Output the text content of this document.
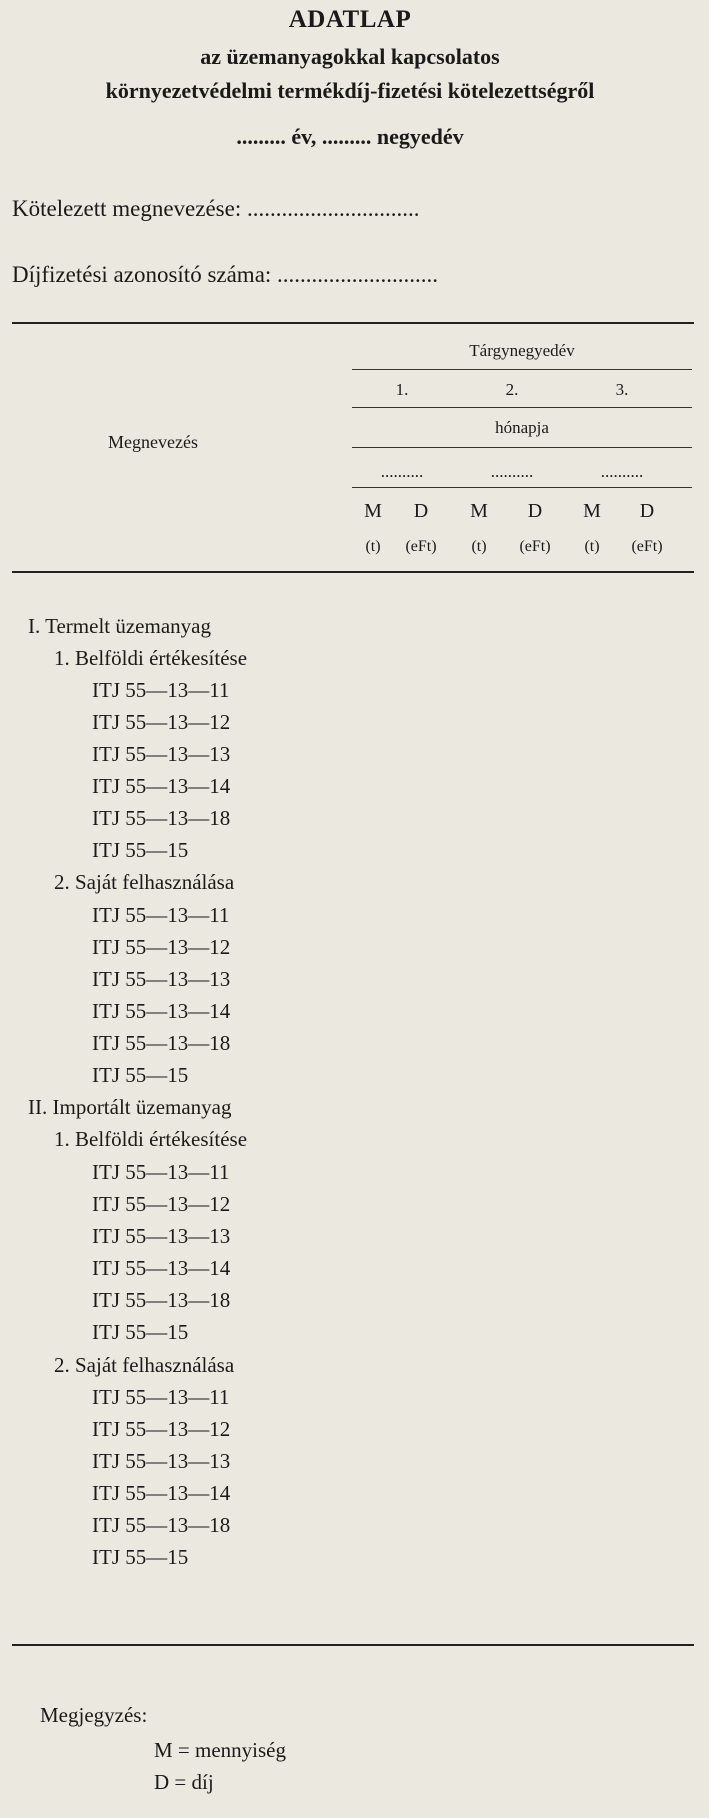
ADATLAP
az üzemanyagokkal kapcsolatos
környezetvédelmi termékdíj-fizetési kötelezettségről
......... év, ......... negyedév
Kötelezett megnevezése: ..............................
Díjfizetési azonosító száma: ............................
Megnevezés
Tárgynegyedév
1.	2.	3.
hónapja
..........	..........	..........
M	D	M	D	M	D
(t)	(eFt)	(t)	(eFt)	(t)	(eFt)
I. Termelt üzemanyag
1. Belföldi értékesítése
ITJ 55—13—11
ITJ 55—13—12
ITJ 55—13—13
ITJ 55—13—14
ITJ 55—13—18
ITJ 55—15
2. Saját felhasználása
ITJ 55—13—11
ITJ 55—13—12
ITJ 55—13—13
ITJ 55—13—14
ITJ 55—13—18
ITJ 55—15
II. Importált üzemanyag
1. Belföldi értékesítése
ITJ 55—13—11
ITJ 55—13—12
ITJ 55—13—13
ITJ 55—13—14
ITJ 55—13—18
ITJ 55—15
2. Saját felhasználása
ITJ 55—13—11
ITJ 55—13—12
ITJ 55—13—13
ITJ 55—13—14
ITJ 55—13—18
ITJ 55—15
Megjegyzés:
M = mennyiség
D = díj
